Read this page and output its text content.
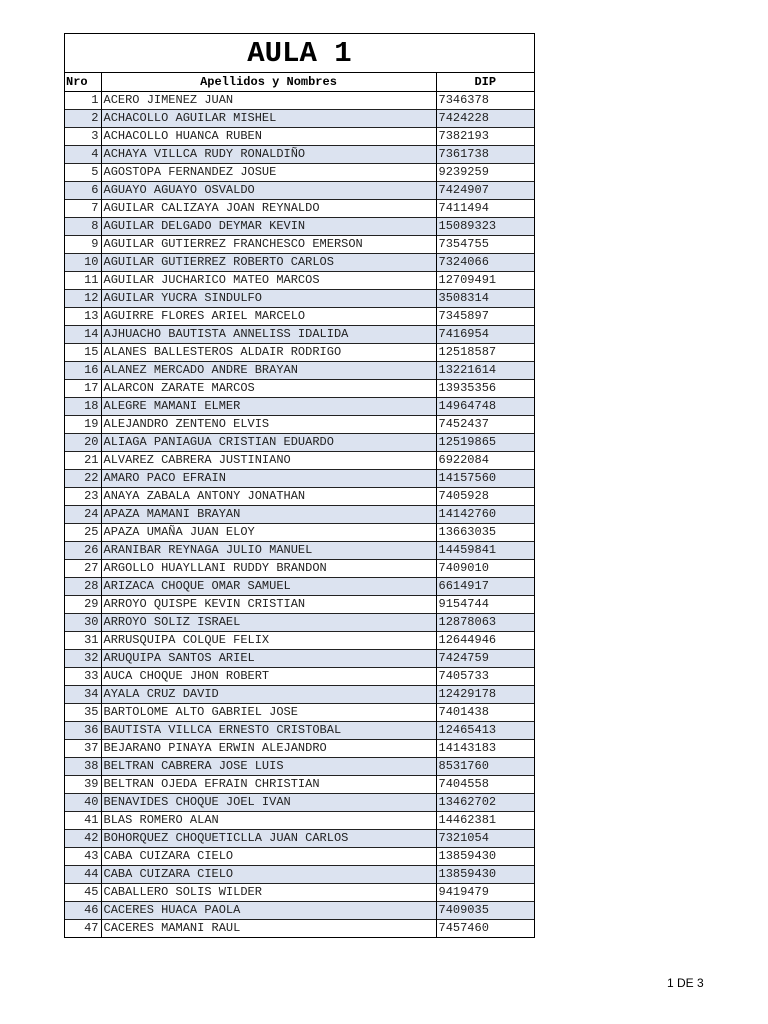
AULA 1
Nro	Apellidos y Nombres	DIP
1	ACERO JIMENEZ JUAN	7346378
2	ACHACOLLO AGUILAR MISHEL	7424228
3	ACHACOLLO HUANCA RUBEN	7382193
4	ACHAYA VILLCA RUDY RONALDIÑO	7361738
5	AGOSTOPA FERNANDEZ JOSUE	9239259
6	AGUAYO AGUAYO OSVALDO	7424907
7	AGUILAR CALIZAYA JOAN REYNALDO	7411494
8	AGUILAR DELGADO DEYMAR KEVIN	15089323
9	AGUILAR GUTIERREZ FRANCHESCO EMERSON	7354755
10	AGUILAR GUTIERREZ ROBERTO CARLOS	7324066
11	AGUILAR JUCHARICO MATEO MARCOS	12709491
12	AGUILAR YUCRA SINDULFO	3508314
13	AGUIRRE FLORES ARIEL MARCELO	7345897
14	AJHUACHO BAUTISTA ANNELISS IDALIDA	7416954
15	ALANES BALLESTEROS ALDAIR RODRIGO	12518587
16	ALANEZ MERCADO ANDRE BRAYAN	13221614
17	ALARCON ZARATE MARCOS	13935356
18	ALEGRE MAMANI ELMER	14964748
19	ALEJANDRO ZENTENO ELVIS	7452437
20	ALIAGA PANIAGUA CRISTIAN EDUARDO	12519865
21	ALVAREZ CABRERA JUSTINIANO	6922084
22	AMARO PACO EFRAIN	14157560
23	ANAYA ZABALA ANTONY JONATHAN	7405928
24	APAZA MAMANI BRAYAN	14142760
25	APAZA UMAÑA JUAN ELOY	13663035
26	ARANIBAR REYNAGA JULIO MANUEL	14459841
27	ARGOLLO HUAYLLANI RUDDY BRANDON	7409010
28	ARIZACA CHOQUE OMAR SAMUEL	6614917
29	ARROYO QUISPE KEVIN CRISTIAN	9154744
30	ARROYO SOLIZ ISRAEL	12878063
31	ARRUSQUIPA COLQUE FELIX	12644946
32	ARUQUIPA SANTOS ARIEL	7424759
33	AUCA CHOQUE JHON ROBERT	7405733
34	AYALA CRUZ DAVID	12429178
35	BARTOLOME ALTO GABRIEL JOSE	7401438
36	BAUTISTA VILLCA ERNESTO CRISTOBAL	12465413
37	BEJARANO PINAYA ERWIN ALEJANDRO	14143183
38	BELTRAN CABRERA JOSE LUIS	8531760
39	BELTRAN OJEDA EFRAIN CHRISTIAN	7404558
40	BENAVIDES CHOQUE JOEL IVAN	13462702
41	BLAS ROMERO ALAN	14462381
42	BOHORQUEZ CHOQUETICLLA JUAN CARLOS	7321054
43	CABA CUIZARA CIELO	13859430
44	CABA CUIZARA CIELO	13859430
45	CABALLERO SOLIS WILDER	9419479
46	CACERES HUACA PAOLA	7409035
47	CACERES MAMANI RAUL	7457460
1 DE 3
